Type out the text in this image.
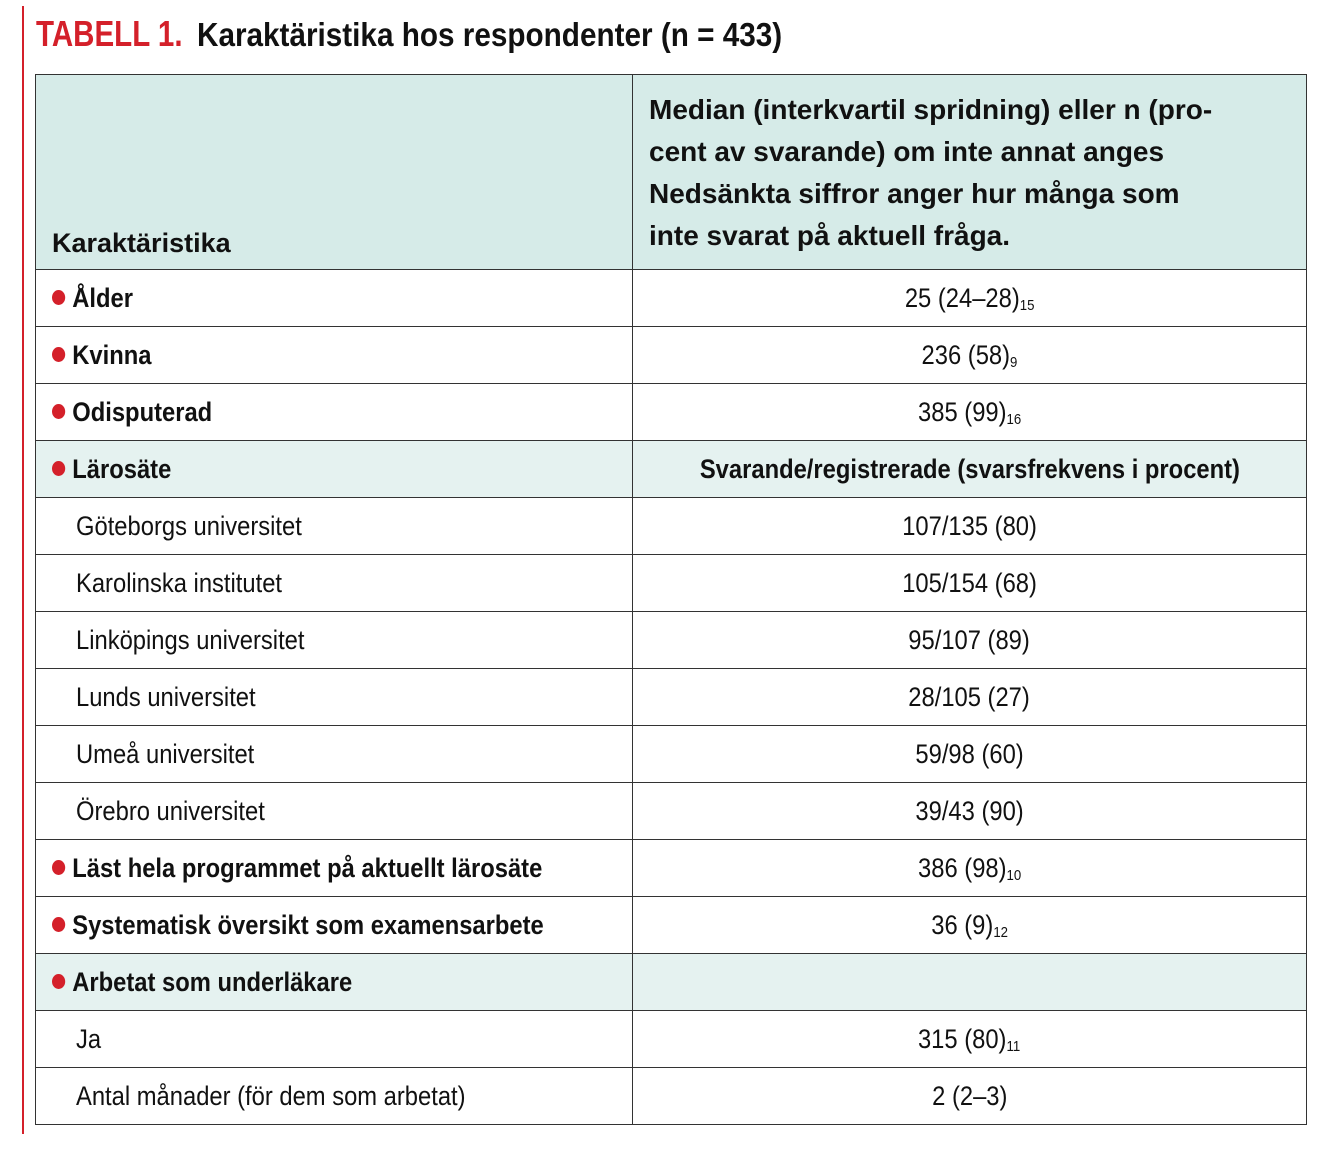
TABELL 1. Karaktäristika hos respondenter (n = 433)
Karaktäristika	Median (interkvartil spridning) eller n (pro-
cent av svarande) om inte annat anges
Nedsänkta siffror anger hur många som
inte svarat på aktuell fråga.

Ålder	25 $(24-28)_{15}$
Kvinna	236 $(58)_9$
Odisputerad	385 $(99)_{16}$
Lärosäte	Svarande/registrerade (svarsfrekvens i procent)
Göteborgs universitet	107/135 (80)
Karolinska institutet	105/154 (68)
Linköpings universitet	95/107 (89)
Lunds universitet	28/105 (27)
Umeå universitet	59/98 (60)
Örebro universitet	39/43 (90)
Läst hela programmet på aktuellt lärosäte	386 $(98)_{10}$
Systematisk översikt som examensarbete	36 $(9)_{12}$
Arbetat som underläkare	
Ja	315 $(80)_{11}$
Antal månader (för dem som arbetat)	2 (2–3)
